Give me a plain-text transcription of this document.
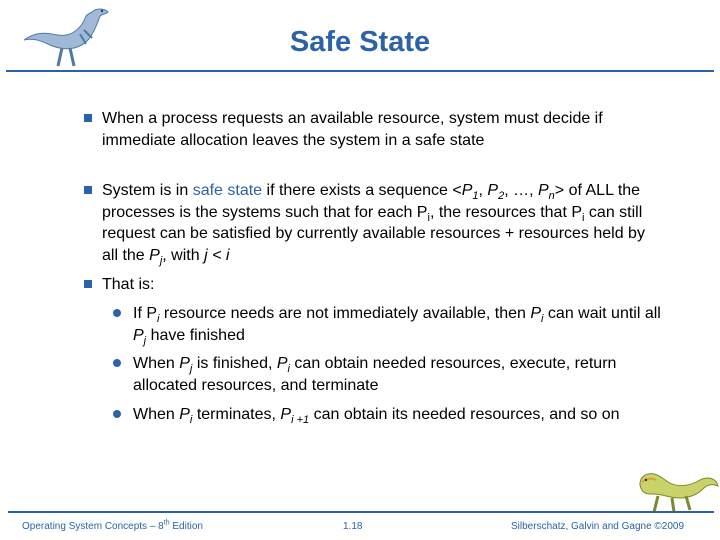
Safe State
When a process requests an available resource, system must decide if immediate allocation leaves the system in a safe state
System is in safe state if there exists a sequence $<P_1$, $P_2$, …, $P_n>$ of ALL the processes is the systems such that for each $P_i$, the resources that $P_i$ can still request can be satisfied by currently available resources + resources held by all the $P_j$, with j < i
That is:
If $P_i$ resource needs are not immediately available, then $P_i$ can wait until all $P_j$ have finished
When $P_j$ is finished, $P_i$ can obtain needed resources, execute, return allocated resources, and terminate
When $P_i$ terminates, $P_{i +1}$ can obtain its needed resources, and so on
Operating System Concepts – 8th Edition	1.18	Silberschatz, Galvin and Gagne ©2009
